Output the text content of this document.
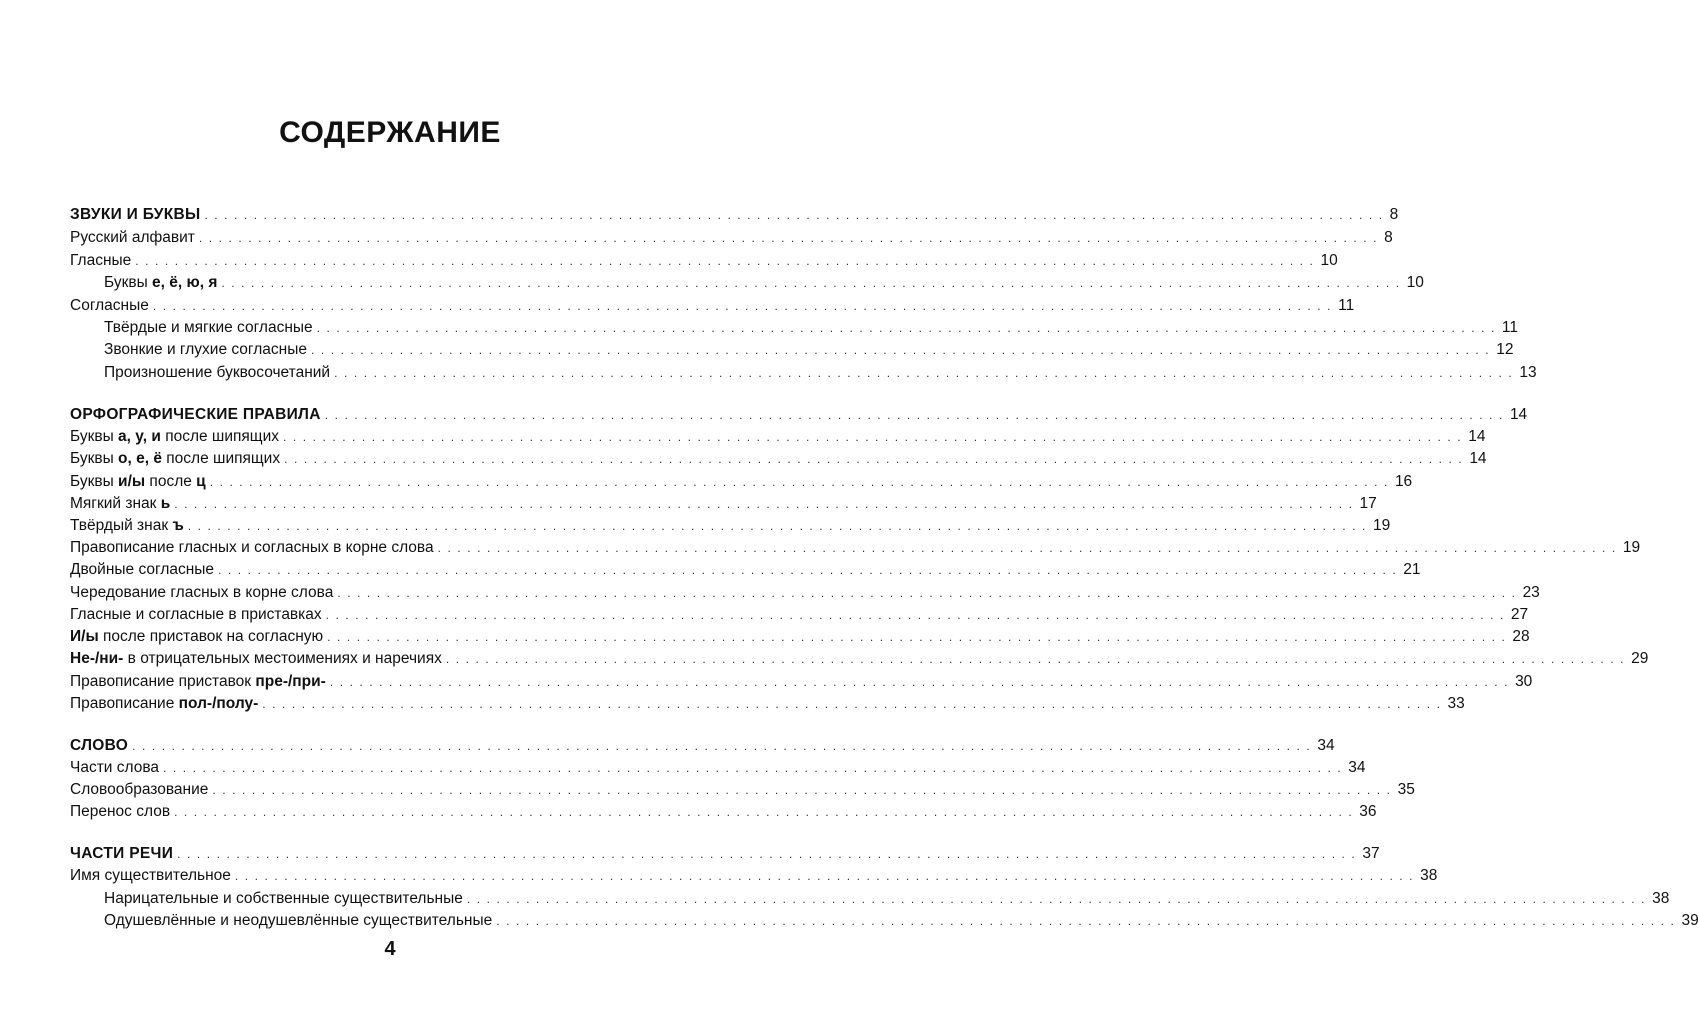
СОДЕРЖАНИЕ
ЗВУКИ И БУКВЫ . . . . . . . . . . . . . . . . . . . . . . . . . . . . . . . . . . . . . . . . . . . . . . . . . . . . . . . . . . . . . . . . . . . . . . . . . . . . . . . . . . . . . . . . . . . . . . . . . . . . . . . . . . . . . . . . . . . . . . . . 8
Русский алфавит . . . . . . . . . . . . . . . . . . . . . . . . . . . . . . . . . . . . . . . . . . . . . . . . . . . . . . . . . . . . . . . . . . . . . . . . . . . . . . . . . . . . . . . . . . . . . . . . . . . . . . . . . . . . . . . . . . . . . . . . 8
Гласные . . . . . . . . . . . . . . . . . . . . . . . . . . . . . . . . . . . . . . . . . . . . . . . . . . . . . . . . . . . . . . . . . . . . . . . . . . . . . . . . . . . . . . . . . . . . . . . . . . . . . . . . . . . . . . . . . . . . . . . . 10
Буквы е, ё, ю, я . . . . . . . . . . . . . . . . . . . . . . . . . . . . . . . . . . . . . . . . . . . . . . . . . . . . . . . . . . . . . . . . . . . . . . . . . . . . . . . . . . . . . . . . . . . . . . . . . . . . . . . . . . . . . . . . . . . . . . . . 10
Согласные . . . . . . . . . . . . . . . . . . . . . . . . . . . . . . . . . . . . . . . . . . . . . . . . . . . . . . . . . . . . . . . . . . . . . . . . . . . . . . . . . . . . . . . . . . . . . . . . . . . . . . . . . . . . . . . . . . . . . . . . 11
Твёрдые и мягкие согласные . . . . . . . . . . . . . . . . . . . . . . . . . . . . . . . . . . . . . . . . . . . . . . . . . . . . . . . . . . . . . . . . . . . . . . . . . . . . . . . . . . . . . . . . . . . . . . . . . . . . . . . . . . . . . . . . . . . . . . . . 11
Звонкие и глухие согласные . . . . . . . . . . . . . . . . . . . . . . . . . . . . . . . . . . . . . . . . . . . . . . . . . . . . . . . . . . . . . . . . . . . . . . . . . . . . . . . . . . . . . . . . . . . . . . . . . . . . . . . . . . . . . . . . . . . . . . . . 12
Произношение буквосочетаний . . . . . . . . . . . . . . . . . . . . . . . . . . . . . . . . . . . . . . . . . . . . . . . . . . . . . . . . . . . . . . . . . . . . . . . . . . . . . . . . . . . . . . . . . . . . . . . . . . . . . . . . . . . . . . . . . . . . . . . . 13
ОРФОГРАФИЧЕСКИЕ ПРАВИЛА . . . . . . . . . . . . . . . . . . . . . . . . . . . . . . . . . . . . . . . . . . . . . . . . . . . . . . . . . . . . . . . . . . . . . . . . . . . . . . . . . . . . . . . . . . . . . . . . . . . . . . . . . . . . . . . . . . . . . . . . 14
Буквы а, у, и после шипящих . . . . . . . . . . . . . . . . . . . . . . . . . . . . . . . . . . . . . . . . . . . . . . . . . . . . . . . . . . . . . . . . . . . . . . . . . . . . . . . . . . . . . . . . . . . . . . . . . . . . . . . . . . . . . . . . . . . . . . . . 14
Буквы о, е, ё после шипящих . . . . . . . . . . . . . . . . . . . . . . . . . . . . . . . . . . . . . . . . . . . . . . . . . . . . . . . . . . . . . . . . . . . . . . . . . . . . . . . . . . . . . . . . . . . . . . . . . . . . . . . . . . . . . . . . . . . . . . . . 14
Буквы и/ы после ц . . . . . . . . . . . . . . . . . . . . . . . . . . . . . . . . . . . . . . . . . . . . . . . . . . . . . . . . . . . . . . . . . . . . . . . . . . . . . . . . . . . . . . . . . . . . . . . . . . . . . . . . . . . . . . . . . . . . . . . . 16
Мягкий знак ь . . . . . . . . . . . . . . . . . . . . . . . . . . . . . . . . . . . . . . . . . . . . . . . . . . . . . . . . . . . . . . . . . . . . . . . . . . . . . . . . . . . . . . . . . . . . . . . . . . . . . . . . . . . . . . . . . . . . . . . . 17
Твёрдый знак ъ . . . . . . . . . . . . . . . . . . . . . . . . . . . . . . . . . . . . . . . . . . . . . . . . . . . . . . . . . . . . . . . . . . . . . . . . . . . . . . . . . . . . . . . . . . . . . . . . . . . . . . . . . . . . . . . . . . . . . . . . 19
Правописание гласных и согласных в корне слова . . . . . . . . . . . . . . . . . . . . . . . . . . . . . . . . . . . . . . . . . . . . . . . . . . . . . . . . . . . . . . . . . . . . . . . . . . . . . . . . . . . . . . . . . . . . . . . . . . . . . . . . . . . . . . . . . . . . . . . . 19
Двойные согласные . . . . . . . . . . . . . . . . . . . . . . . . . . . . . . . . . . . . . . . . . . . . . . . . . . . . . . . . . . . . . . . . . . . . . . . . . . . . . . . . . . . . . . . . . . . . . . . . . . . . . . . . . . . . . . . . . . . . . . . . 21
Чередование гласных в корне слова . . . . . . . . . . . . . . . . . . . . . . . . . . . . . . . . . . . . . . . . . . . . . . . . . . . . . . . . . . . . . . . . . . . . . . . . . . . . . . . . . . . . . . . . . . . . . . . . . . . . . . . . . . . . . . . . . . . . . . . . 23
Гласные и согласные в приставках . . . . . . . . . . . . . . . . . . . . . . . . . . . . . . . . . . . . . . . . . . . . . . . . . . . . . . . . . . . . . . . . . . . . . . . . . . . . . . . . . . . . . . . . . . . . . . . . . . . . . . . . . . . . . . . . . . . . . . . . 27
И/ы после приставок на согласную . . . . . . . . . . . . . . . . . . . . . . . . . . . . . . . . . . . . . . . . . . . . . . . . . . . . . . . . . . . . . . . . . . . . . . . . . . . . . . . . . . . . . . . . . . . . . . . . . . . . . . . . . . . . . . . . . . . . . . . . 28
Не-/ни- в отрицательных местоимениях и наречиях . . . . . . . . . . . . . . . . . . . . . . . . . . . . . . . . . . . . . . . . . . . . . . . . . . . . . . . . . . . . . . . . . . . . . . . . . . . . . . . . . . . . . . . . . . . . . . . . . . . . . . . . . . . . . . . . . . . . . . . . 29
Правописание приставок пре-/при- . . . . . . . . . . . . . . . . . . . . . . . . . . . . . . . . . . . . . . . . . . . . . . . . . . . . . . . . . . . . . . . . . . . . . . . . . . . . . . . . . . . . . . . . . . . . . . . . . . . . . . . . . . . . . . . . . . . . . . . . 30
Правописание пол-/полу- . . . . . . . . . . . . . . . . . . . . . . . . . . . . . . . . . . . . . . . . . . . . . . . . . . . . . . . . . . . . . . . . . . . . . . . . . . . . . . . . . . . . . . . . . . . . . . . . . . . . . . . . . . . . . . . . . . . . . . . . 33
СЛОВО . . . . . . . . . . . . . . . . . . . . . . . . . . . . . . . . . . . . . . . . . . . . . . . . . . . . . . . . . . . . . . . . . . . . . . . . . . . . . . . . . . . . . . . . . . . . . . . . . . . . . . . . . . . . . . . . . . . . . . . . 34
Части слова . . . . . . . . . . . . . . . . . . . . . . . . . . . . . . . . . . . . . . . . . . . . . . . . . . . . . . . . . . . . . . . . . . . . . . . . . . . . . . . . . . . . . . . . . . . . . . . . . . . . . . . . . . . . . . . . . . . . . . . . 34
Словообразование . . . . . . . . . . . . . . . . . . . . . . . . . . . . . . . . . . . . . . . . . . . . . . . . . . . . . . . . . . . . . . . . . . . . . . . . . . . . . . . . . . . . . . . . . . . . . . . . . . . . . . . . . . . . . . . . . . . . . . . . 35
Перенос слов . . . . . . . . . . . . . . . . . . . . . . . . . . . . . . . . . . . . . . . . . . . . . . . . . . . . . . . . . . . . . . . . . . . . . . . . . . . . . . . . . . . . . . . . . . . . . . . . . . . . . . . . . . . . . . . . . . . . . . . . 36
ЧАСТИ РЕЧИ . . . . . . . . . . . . . . . . . . . . . . . . . . . . . . . . . . . . . . . . . . . . . . . . . . . . . . . . . . . . . . . . . . . . . . . . . . . . . . . . . . . . . . . . . . . . . . . . . . . . . . . . . . . . . . . . . . . . . . . . 37
Имя существительное . . . . . . . . . . . . . . . . . . . . . . . . . . . . . . . . . . . . . . . . . . . . . . . . . . . . . . . . . . . . . . . . . . . . . . . . . . . . . . . . . . . . . . . . . . . . . . . . . . . . . . . . . . . . . . . . . . . . . . . . 38
Нарицательные и собственные существительные . . . . . . . . . . . . . . . . . . . . . . . . . . . . . . . . . . . . . . . . . . . . . . . . . . . . . . . . . . . . . . . . . . . . . . . . . . . . . . . . . . . . . . . . . . . . . . . . . . . . . . . . . . . . . . . . . . . . . . . . 38
Одушевлённые и неодушевлённые существительные . . . . . . . . . . . . . . . . . . . . . . . . . . . . . . . . . . . . . . . . . . . . . . . . . . . . . . . . . . . . . . . . . . . . . . . . . . . . . . . . . . . . . . . . . . . . . . . . . . . . . . . . . . . . . . . . . . . . . . . . 39
4
